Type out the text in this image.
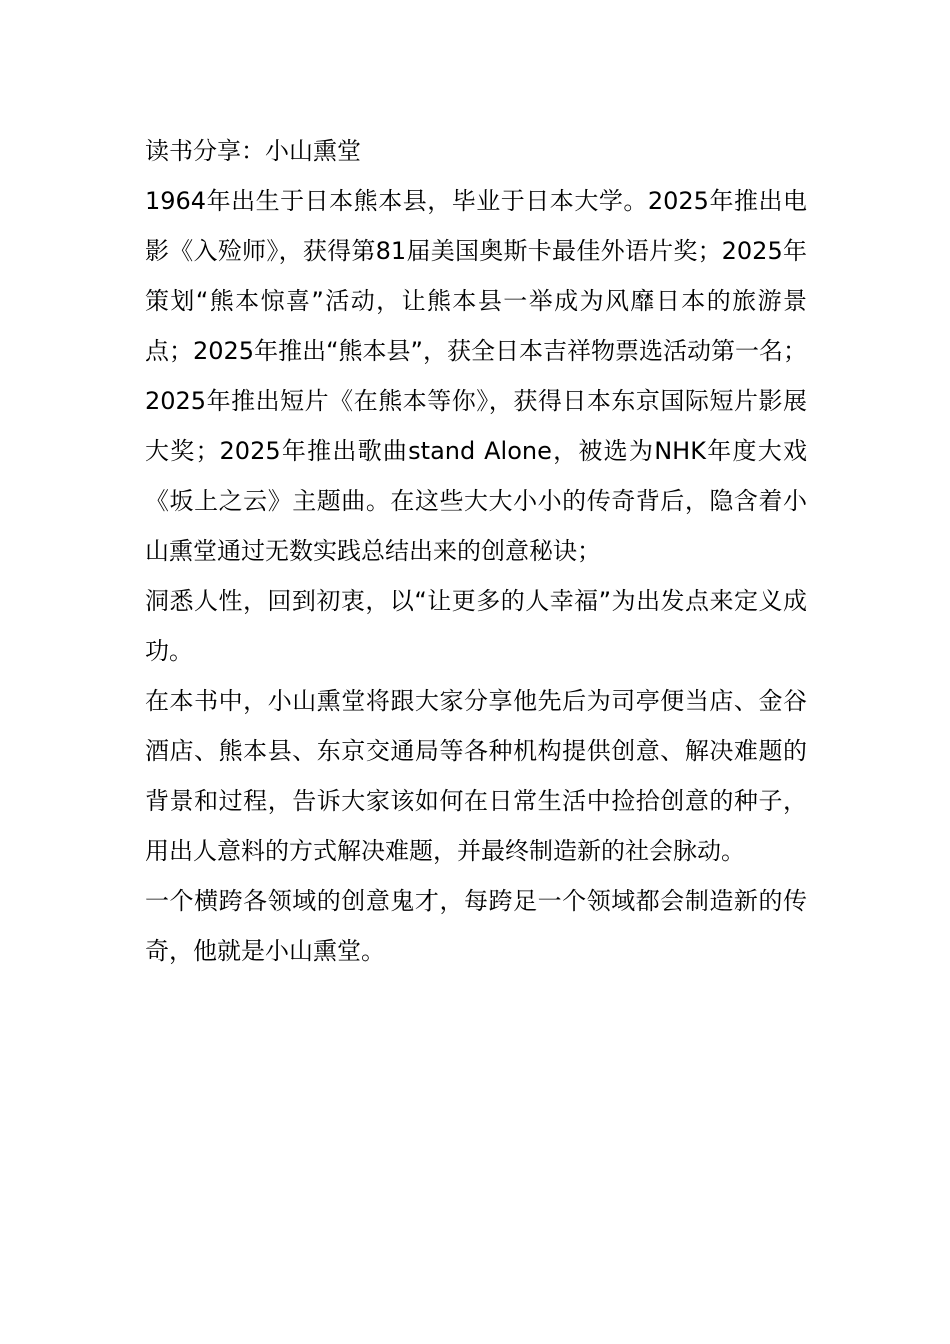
读书分享：小山熏堂

1964年出生于日本熊本县，毕业于日本大学。2025年推出电影《入殓师》，获得第81届美国奥斯卡最佳外语片奖；2025年策划“熊本惊喜”活动，让熊本县一举成为风靡日本的旅游景点；2025年推出“熊本县”，获全日本吉祥物票选活动第一名；2025年推出短片《在熊本等你》，获得日本东京国际短片影展大奖；2025年推出歌曲stand Alone，被选为NHK年度大戏《坂上之云》主题曲。在这些大大小小的传奇背后，隐含着小山熏堂通过无数实践总结出来的创意秘诀；

洞悉人性，回到初衷，以“让更多的人幸福”为出发点来定义成功。

在本书中，小山熏堂将跟大家分享他先后为司亭便当店、金谷酒店、熊本县、东京交通局等各种机构提供创意、解决难题的背景和过程，告诉大家该如何在日常生活中捡拾创意的种子，用出人意料的方式解决难题，并最终制造新的社会脉动。

一个横跨各领域的创意鬼才，每跨足一个领域都会制造新的传奇，他就是小山熏堂。
